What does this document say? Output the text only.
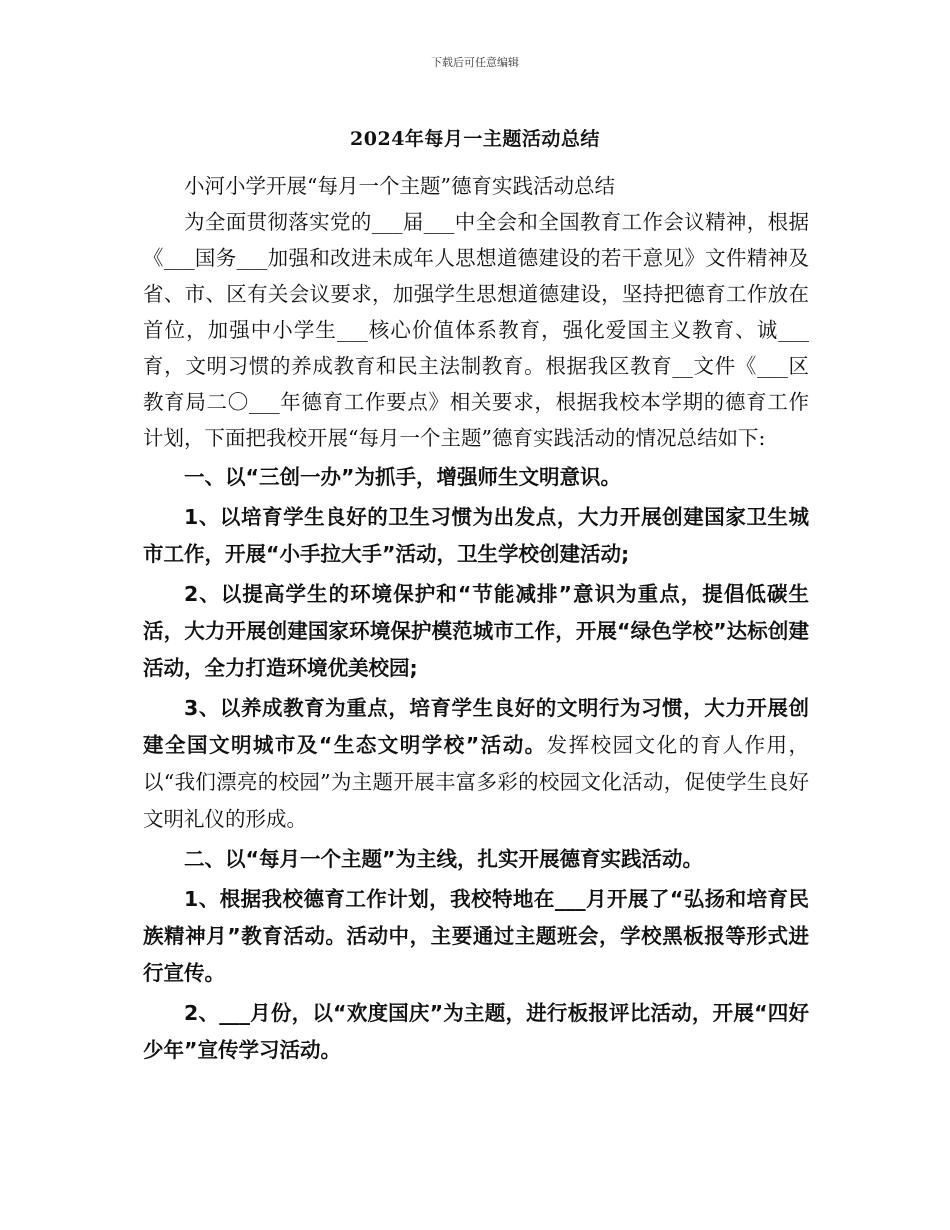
下载后可任意编辑
2024年每月一主题活动总结

小河小学开展“每月一个主题”德育实践活动总结

为全面贯彻落实党的___届___中全会和全国教育工作会议精神，根据《___国务___加强和改进未成年人思想道德建设的若干意见》文件精神及省、市、区有关会议要求，加强学生思想道德建设，坚持把德育工作放在首位，加强中小学生___核心价值体系教育，强化爱国主义教育、诚___育，文明习惯的养成教育和民主法制教育。根据我区教育__文件《___区教育局二〇___年德育工作要点》相关要求，根据我校本学期的德育工作计划，下面把我校开展“每月一个主题”德育实践活动的情况总结如下:

一、以“三创一办”为抓手，增强师生文明意识。

1、以培育学生良好的卫生习惯为出发点，大力开展创建国家卫生城市工作，开展“小手拉大手”活动，卫生学校创建活动;

2、以提高学生的环境保护和“节能减排”意识为重点，提倡低碳生活，大力开展创建国家环境保护模范城市工作，开展“绿色学校”达标创建活动，全力打造环境优美校园;

3、以养成教育为重点，培育学生良好的文明行为习惯，大力开展创建全国文明城市及“生态文明学校”活动。发挥校园文化的育人作用，以“我们漂亮的校园”为主题开展丰富多彩的校园文化活动，促使学生良好文明礼仪的形成。

二、以“每月一个主题”为主线，扎实开展德育实践活动。

1、根据我校德育工作计划，我校特地在___月开展了“弘扬和培育民族精神月”教育活动。活动中，主要通过主题班会，学校黑板报等形式进行宣传。

2、___月份，以“欢度国庆”为主题，进行板报评比活动，开展“四好少年”宣传学习活动。
